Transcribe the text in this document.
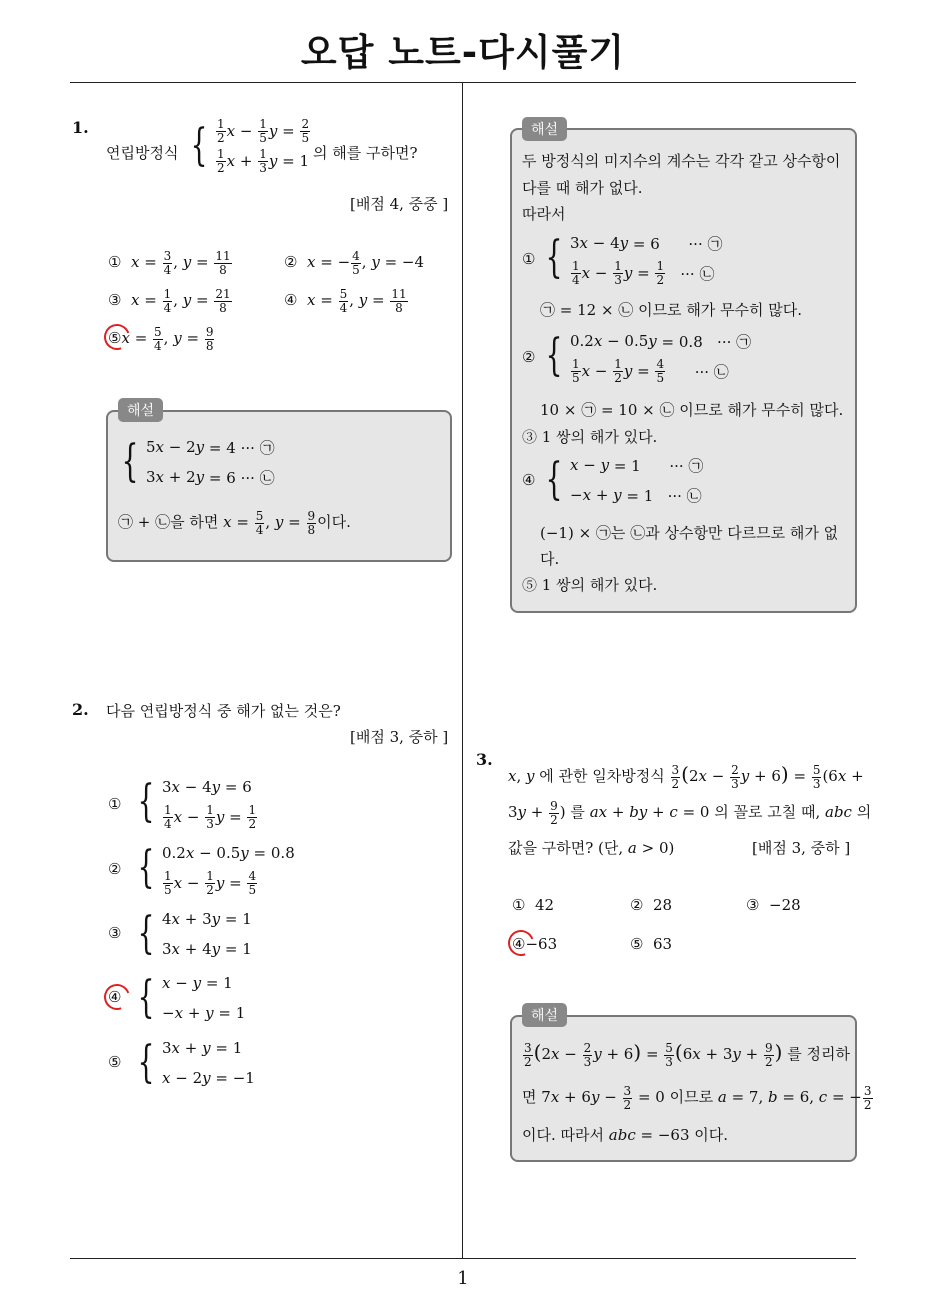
오답 노트-다시풀기
1
1.
연립방정식 { $\frac{1}{2}$ $x - \frac{1}{5}$ $y = \frac{2}{5}$
$\frac{1}{2}$ $x + \frac{1}{3}$ y = 1 의 해를 구하면?
[배점 4, 중중 ]
① $x = \frac{3}{4}$ , $y = \frac{11}{8}$	② x = − $\frac{4}{5}$ , y = −4
③ $x = \frac{1}{4}$ , $y = \frac{21}{8}$	④ $x = \frac{5}{4}$ , $y = \frac{11}{8}$
⑤x = $\frac{5}{4}$ , $y = \frac{9}{8}$
해설
{ 5 x − 2 y = 4 ··· ㉠
3 x + 2 y = 6 ··· ㉡
㉠ + ㉡을 하면 $x = \frac{5}{4}$ , $y = \frac{9}{8}$ 이다.
2. 다음 연립방정식 중 해가 없는 것은?
[배점 3, 중하 ]
① { 3 x − 4 y = 6
$\frac{1}{4}$ $x - \frac{1}{3}$ $y = \frac{1}{2}$
② { 0.2 x − 0.5 y = 0.8
$\frac{1}{5}$ $x - \frac{1}{2}$ $y = \frac{4}{5}$
③ { 4 x + 3 y = 1
3 x + 4 y = 1
④ { x − y = 1
− x + y = 1
⑤ { 3 x + y = 1
x − 2 y = −1
해설
두 방정식의 미지수의 계수는 각각 같고 상수항이
다를 때 해가 없다.
따라서
① { 3 x − 4 y = 6      ··· ㉠
$\frac{1}{4}$ $x - \frac{1}{3}$ $y = \frac{1}{2}$ ··· ㉡
㉠ = 12 × ㉡ 이므로 해가 무수히 많다.
② { 0.2 x − 0.5 y = 0.8   ··· ㉠
$\frac{1}{5}$ $x - \frac{1}{2}$ $y = \frac{4}{5}$ ··· ㉡
10 × ㉠ = 10 × ㉡ 이므로 해가 무수히 많다.
③ 1 쌍의 해가 있다.
④ { x − y = 1      ··· ㉠
− x + y = 1   ··· ㉡
(−1) × ㉠는 ㉡과 상수항만 다르므로 해가 없
다.
⑤ 1 쌍의 해가 있다.
3.
x, y 에 관한 일차방정식 $\frac{3}{2} (2x - \frac{2}{3}$ $y + 6) = \frac{5}{3} (6x$ +
$3y + \frac{9}{2}$ ) 를 ax + by + c = 0 의 꼴로 고칠 때, abc 의
값을 구하면? (단, a > 0)	[배점 3, 중하 ]
① 42	② 28	③ −28
④−63	⑤ 63
해설
$\frac{3}{2} (2x - \frac{2}{3}$ $y + 6) = \frac{5}{3} (6x + 3y + \frac{9}{2}$ ) 를 정리하
면 $7x + 6y - \frac{3}{2} = 0$ 이므로 a = 7, b = 6, c = − $\frac{3}{2}$
이다. 따라서 abc = −63 이다.
